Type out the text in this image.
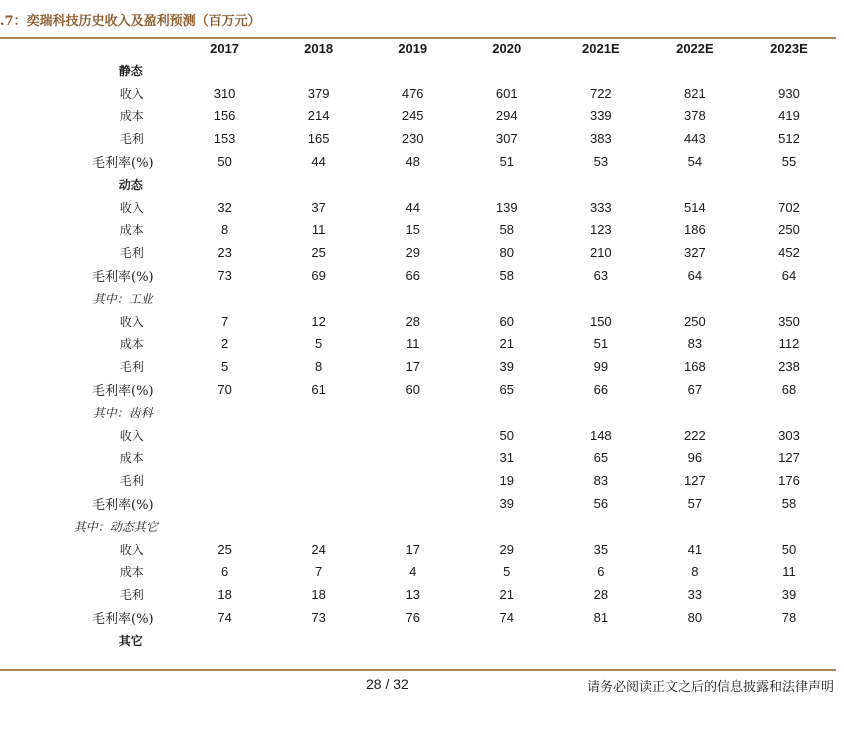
.7：奕瑞科技历史收入及盈利预测（百万元）
	2017	2018	2019	2020	2021E	2022E	2023E
静态							
收入	310	379	476	601	722	821	930
成本	156	214	245	294	339	378	419
毛利	153	165	230	307	383	443	512
毛利率(%)	50	44	48	51	53	54	55
动态							
收入	32	37	44	139	333	514	702
成本	8	11	15	58	123	186	250
毛利	23	25	29	80	210	327	452
毛利率(%)	73	69	66	58	63	64	64
其中：工业							
收入	7	12	28	60	150	250	350
成本	2	5	11	21	51	83	112
毛利	5	8	17	39	99	168	238
毛利率(%)	70	61	60	65	66	67	68
其中：齿科							
收入				50	148	222	303
成本				31	65	96	127
毛利				19	83	127	176
毛利率(%)				39	56	57	58
其中：动态其它							
收入	25	24	17	29	35	41	50
成本	6	7	4	5	6	8	11
毛利	18	18	13	21	28	33	39
毛利率(%)	74	73	76	74	81	80	78
其它							
28 / 32	请务必阅读正文之后的信息披露和法律声明
